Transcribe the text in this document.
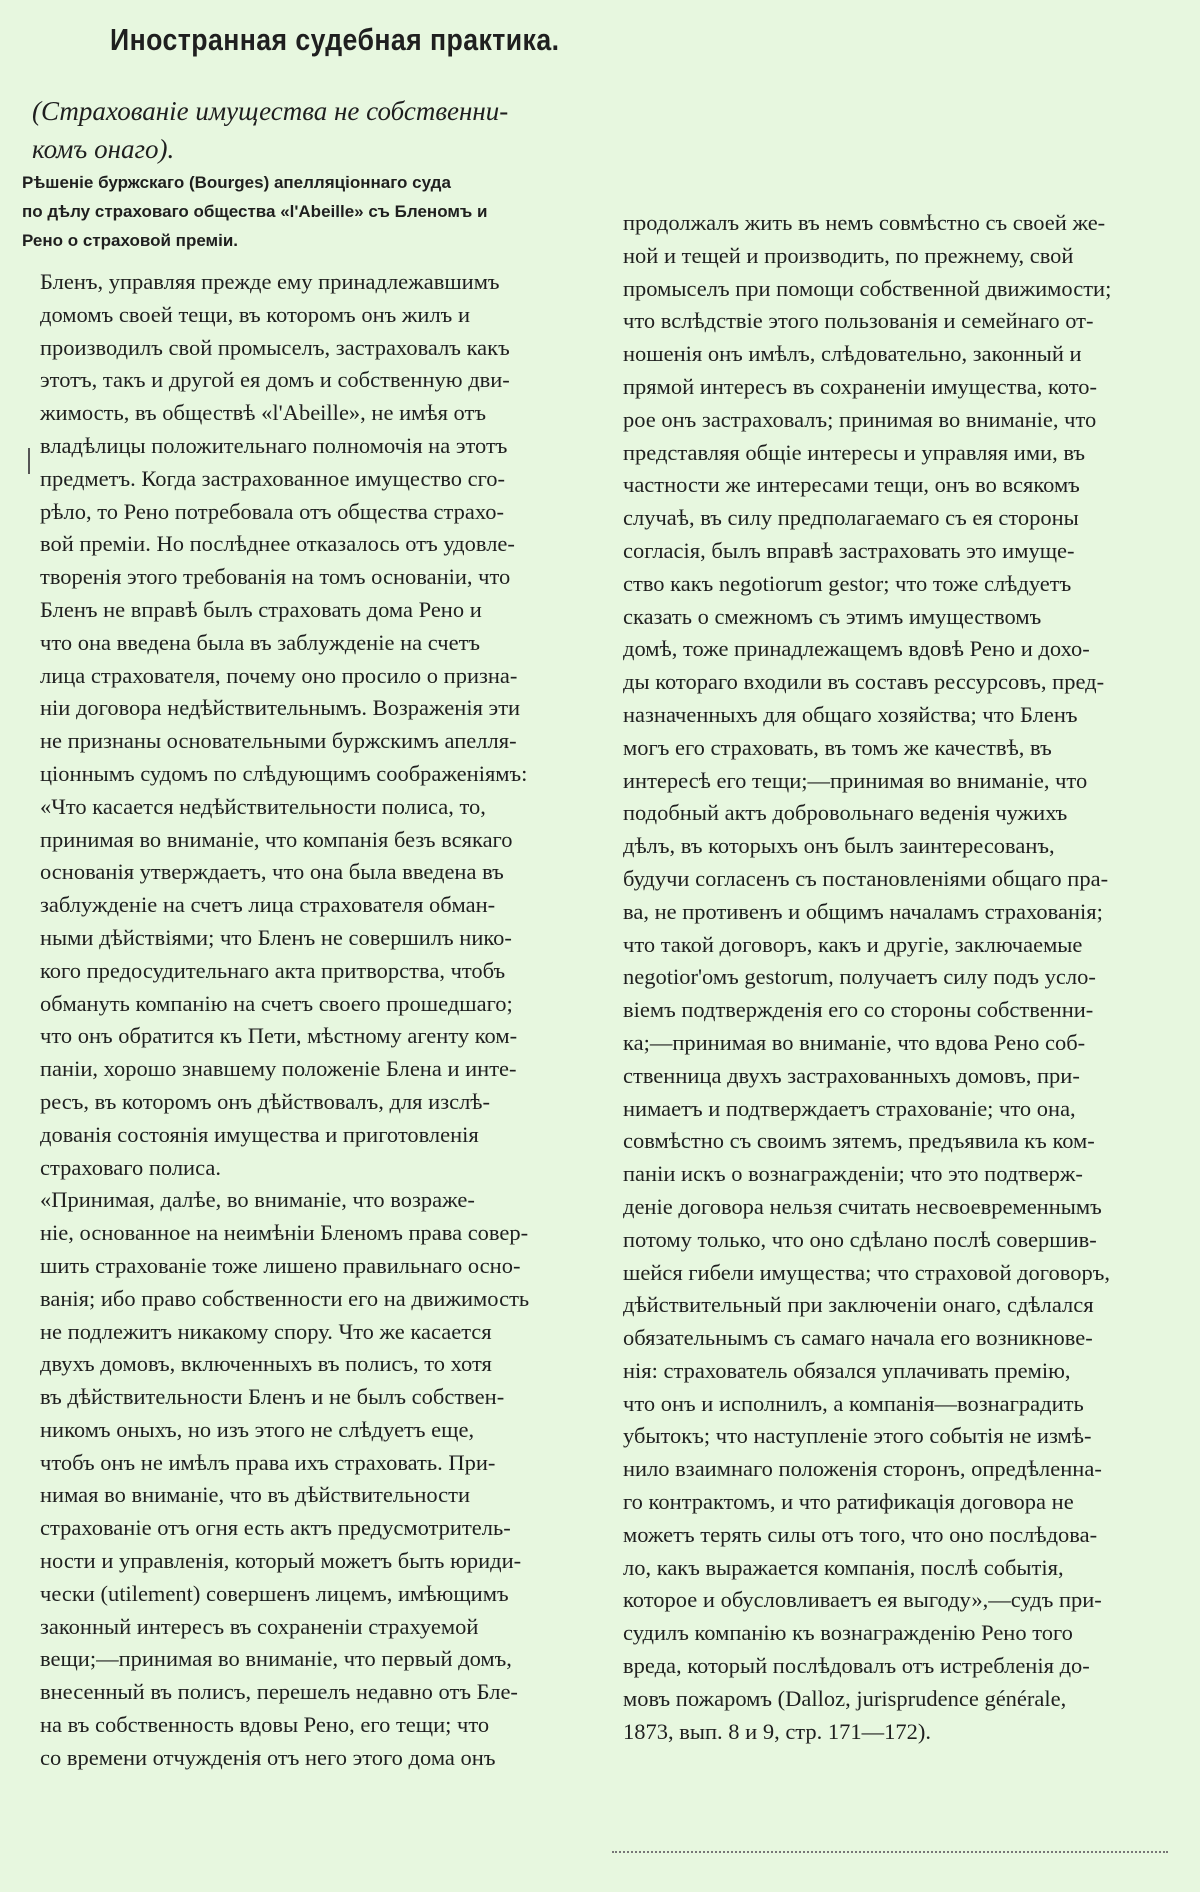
Иностранная судебная практика.
(Страхованіе имущества не собственни-
комъ онаго).
Рѣшеніе буржскаго (Bourges) апелляціоннаго суда
по дѣлу страховаго общества «l'Abeille» съ Бленомъ и
Рено о страховой преміи.
Бленъ, управляя прежде ему принадлежавшимъ
домомъ своей тещи, въ которомъ онъ жилъ и
производилъ свой промыселъ, застраховалъ какъ
этотъ, такъ и другой ея домъ и собственную дви-
жимость, въ обществѣ «l'Abeille», не имѣя отъ
владѣлицы положительнаго полномочія на этотъ
предметъ. Когда застрахованное имущество сго-
рѣло, то Рено потребовала отъ общества страхо-
вой преміи. Но послѣднее отказалось отъ удовле-
творенія этого требованія на томъ основаніи, что
Бленъ не вправѣ былъ страховать дома Рено и
что она введена была въ заблужденіе на счетъ
лица страхователя, почему оно просило о призна-
ніи договора недѣйствительнымъ. Возраженія эти
не признаны основательными буржскимъ апелля-
ціоннымъ судомъ по слѣдующимъ соображеніямъ:
«Что касается недѣйствительности полиса, то,
принимая во вниманіе, что компанія безъ всякаго
основанія утверждаетъ, что она была введена въ
заблужденіе на счетъ лица страхователя обман-
ными дѣйствіями; что Бленъ не совершилъ нико-
кого предосудительнаго акта притворства, чтобъ
обмануть компанію на счетъ своего прошедшаго;
что онъ обратится къ Пети, мѣстному агенту ком-
паніи, хорошо знавшему положеніе Блена и инте-
ресъ, въ которомъ онъ дѣйствовалъ, для изслѣ-
дованія состоянія имущества и приготовленія
страховаго полиса.
«Принимая, далѣе, во вниманіе, что возраже-
ніе, основанное на неимѣніи Бленомъ права совер-
шить страхованіе тоже лишено правильнаго осно-
ванія; ибо право собственности его на движимость
не подлежитъ никакому спору. Что же касается
двухъ домовъ, включенныхъ въ полисъ, то хотя
въ дѣйствительности Бленъ и не былъ собствен-
никомъ оныхъ, но изъ этого не слѣдуетъ еще,
чтобъ онъ не имѣлъ права ихъ страховать. При-
нимая во вниманіе, что въ дѣйствительности
страхованіе отъ огня есть актъ предусмотритель-
ности и управленія, который можетъ быть юриди-
чески (utilement) совершенъ лицемъ, имѣющимъ
законный интересъ въ сохраненіи страхуемой
вещи;—принимая во вниманіе, что первый домъ,
внесенный въ полисъ, перешелъ недавно отъ Бле-
на въ собственность вдовы Рено, его тещи; что
со времени отчужденія отъ него этого дома онъ
продолжалъ жить въ немъ совмѣстно съ своей же-
ной и тещей и производить, по прежнему, свой
промыселъ при помощи собственной движимости;
что вслѣдствіе этого пользованія и семейнаго от-
ношенія онъ имѣлъ, слѣдовательно, законный и
прямой интересъ въ сохраненіи имущества, кото-
рое онъ застраховалъ; принимая во вниманіе, что
представляя общіе интересы и управляя ими, въ
частности же интересами тещи, онъ во всякомъ
случаѣ, въ силу предполагаемаго съ ея стороны
согласія, былъ вправѣ застраховать это имуще-
ство какъ negotiorum gestor; что тоже слѣдуетъ
сказать о смежномъ съ этимъ имуществомъ
домѣ, тоже принадлежащемъ вдовѣ Рено и дохо-
ды котораго входили въ составъ рессурсовъ, пред-
назначенныхъ для общаго хозяйства; что Бленъ
могъ его страховать, въ томъ же качествѣ, въ
интересѣ его тещи;—принимая во вниманіе, что
подобный актъ добровольнаго веденія чужихъ
дѣлъ, въ которыхъ онъ былъ заинтересованъ,
будучи согласенъ съ постановленіями общаго пра-
ва, не противенъ и общимъ началамъ страхованія;
что такой договоръ, какъ и другіе, заключаемые
negotior'омъ gestorum, получаетъ силу подъ усло-
віемъ подтвержденія его со стороны собственни-
ка;—принимая во вниманіе, что вдова Рено соб-
ственница двухъ застрахованныхъ домовъ, при-
нимаетъ и подтверждаетъ страхованіе; что она,
совмѣстно съ своимъ зятемъ, предъявила къ ком-
паніи искъ о вознагражденіи; что это подтверж-
деніе договора нельзя считать несвоевременнымъ
потому только, что оно сдѣлано послѣ совершив-
шейся гибели имущества; что страховой договоръ,
дѣйствительный при заключеніи онаго, сдѣлался
обязательнымъ съ самаго начала его возникнове-
нія: страхователь обязался уплачивать премію,
что онъ и исполнилъ, а компанія—вознаградить
убытокъ; что наступленіе этого событія не измѣ-
нило взаимнаго положенія сторонъ, опредѣленна-
го контрактомъ, и что ратификація договора не
можетъ терять силы отъ того, что оно послѣдова-
ло, какъ выражается компанія, послѣ событія,
которое и обусловливаетъ ея выгоду»,—судъ при-
судилъ компанію къ вознагражденію Рено того
вреда, который послѣдовалъ отъ истребленія до-
мовъ пожаромъ (Dalloz, jurisprudence générale,
1873, вып. 8 и 9, стр. 171—172).
